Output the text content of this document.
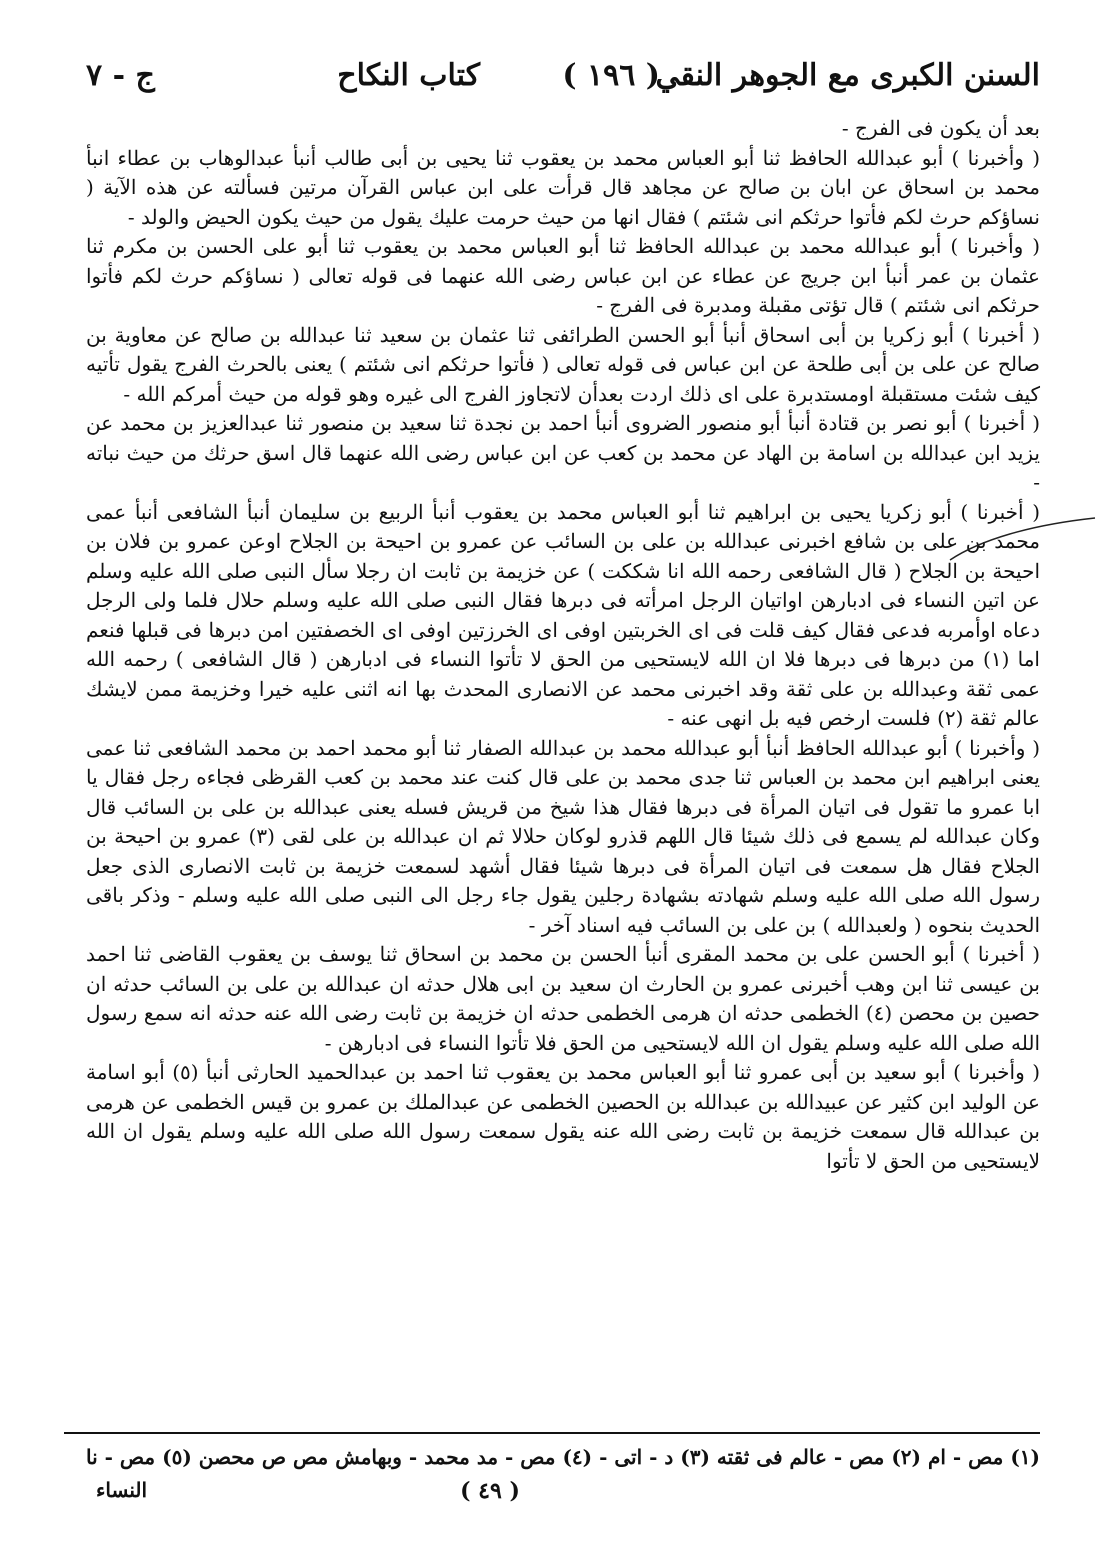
السنن الكبرى مع الجوهر النقي
( ١٩٦ )
كتاب النكاح
ج - ٧

بعد أن يكون فى الفرج -

( وأخبرنا ) أبو عبدالله الحافظ ثنا أبو العباس محمد بن يعقوب ثنا يحيى بن أبى طالب أنبأ عبدالوهاب بن عطاء انبأ محمد بن اسحاق عن ابان بن صالح عن مجاهد قال قرأت على ابن عباس القرآن مرتين فسألته عن هذه الآية ( نساؤكم حرث لكم فأتوا حرثكم انى شئتم ) فقال انها من حيث حرمت عليك يقول من حيث يكون الحيض والولد -

( وأخبرنا ) أبو عبدالله محمد بن عبدالله الحافظ ثنا أبو العباس محمد بن يعقوب ثنا أبو على الحسن بن مكرم ثنا عثمان بن عمر أنبأ ابن جريج عن عطاء عن ابن عباس رضى الله عنهما فى قوله تعالى ( نساؤكم حرث لكم فأتوا حرثكم انى شئتم ) قال تؤتى مقبلة ومدبرة فى الفرج -

( أخبرنا ) أبو زكريا بن أبى اسحاق أنبأ أبو الحسن الطرائفى ثنا عثمان بن سعيد ثنا عبدالله بن صالح عن معاوية بن صالح عن على بن أبى طلحة عن ابن عباس فى قوله تعالى ( فأتوا حرثكم انى شئتم ) يعنى بالحرث الفرج يقول تأتيه كيف شئت مستقبلة اومستدبرة على اى ذلك اردت بعدأن لاتجاوز الفرج الى غيره وهو قوله من حيث أمركم الله -

( أخبرنا ) أبو نصر بن قتادة أنبأ أبو منصور الضروى أنبأ احمد بن نجدة ثنا سعيد بن منصور ثنا عبدالعزيز بن محمد عن يزيد ابن عبدالله بن اسامة بن الهاد عن محمد بن كعب عن ابن عباس رضى الله عنهما قال اسق حرثك من حيث نباته -

( أخبرنا ) أبو زكريا يحيى بن ابراهيم ثنا أبو العباس محمد بن يعقوب أنبأ الربيع بن سليمان أنبأ الشافعى أنبأ عمى محمد بن على بن شافع اخبرنى عبدالله بن على بن السائب عن عمرو بن احيحة بن الجلاح اوعن عمرو بن فلان بن احيحة بن الجلاح ( قال الشافعى رحمه الله انا شككت ) عن خزيمة بن ثابت ان رجلا سأل النبى صلى الله عليه وسلم عن اتين النساء فى ادبارهن اواتيان الرجل امرأته فى دبرها فقال النبى صلى الله عليه وسلم حلال فلما ولى الرجل دعاه اوأمربه فدعى فقال كيف قلت فى اى الخربتين اوفى اى الخرزتين اوفى اى الخصفتين امن دبرها فى قبلها فنعم اما (١) من دبرها فى دبرها فلا ان الله لايستحيى من الحق لا تأتوا النساء فى ادبارهن ( قال الشافعى ) رحمه الله عمى ثقة وعبدالله بن على ثقة وقد اخبرنى محمد عن الانصارى المحدث بها انه اثنى عليه خيرا وخزيمة ممن لايشك عالم ثقة (٢) فلست ارخص فيه بل انهى عنه -

( وأخبرنا ) أبو عبدالله الحافظ أنبأ أبو عبدالله محمد بن عبدالله الصفار ثنا أبو محمد احمد بن محمد الشافعى ثنا عمى يعنى ابراهيم ابن محمد بن العباس ثنا جدى محمد بن على قال كنت عند محمد بن كعب القرظى فجاءه رجل فقال يا ابا عمرو ما تقول فى اتيان المرأة فى دبرها فقال هذا شيخ من قريش فسله يعنى عبدالله بن على بن السائب قال وكان عبدالله لم يسمع فى ذلك شيئا قال اللهم قذرو لوكان حلالا ثم ان عبدالله بن على لقى (٣) عمرو بن احيحة بن الجلاح فقال هل سمعت فى اتيان المرأة فى دبرها شيئا فقال أشهد لسمعت خزيمة بن ثابت الانصارى الذى جعل رسول الله صلى الله عليه وسلم شهادته بشهادة رجلين يقول جاء رجل الى النبى صلى الله عليه وسلم - وذكر باقى الحديث بنحوه ( ولعبدالله ) بن على بن السائب فيه اسناد آخر -

( أخبرنا ) أبو الحسن على بن محمد المقرى أنبأ الحسن بن محمد بن اسحاق ثنا يوسف بن يعقوب القاضى ثنا احمد بن عيسى ثنا ابن وهب أخبرنى عمرو بن الحارث ان سعيد بن ابى هلال حدثه ان عبدالله بن على بن السائب حدثه ان حصين بن محصن (٤) الخطمى حدثه ان هرمى الخطمى حدثه ان خزيمة بن ثابت رضى الله عنه حدثه انه سمع رسول الله صلى الله عليه وسلم يقول ان الله لايستحيى من الحق فلا تأتوا النساء فى ادبارهن -

( وأخبرنا ) أبو سعيد بن أبى عمرو ثنا أبو العباس محمد بن يعقوب ثنا احمد بن عبدالحميد الحارثى أنبأ (٥) أبو اسامة عن الوليد ابن كثير عن عبيدالله بن عبدالله بن الحصين الخطمى عن عبدالملك بن عمرو بن قيس الخطمى عن هرمى بن عبدالله قال سمعت خزيمة بن ثابت رضى الله عنه يقول سمعت رسول الله صلى الله عليه وسلم يقول ان الله لايستحيى من الحق لا تأتوا

(١) مص - ام (٢) مص - عالم فى ثقته (٣) د - اتى - (٤) مص - مد محمد - وبهامش مص ص محصن (٥) مص - نا
النساء	( ٤٩ )
